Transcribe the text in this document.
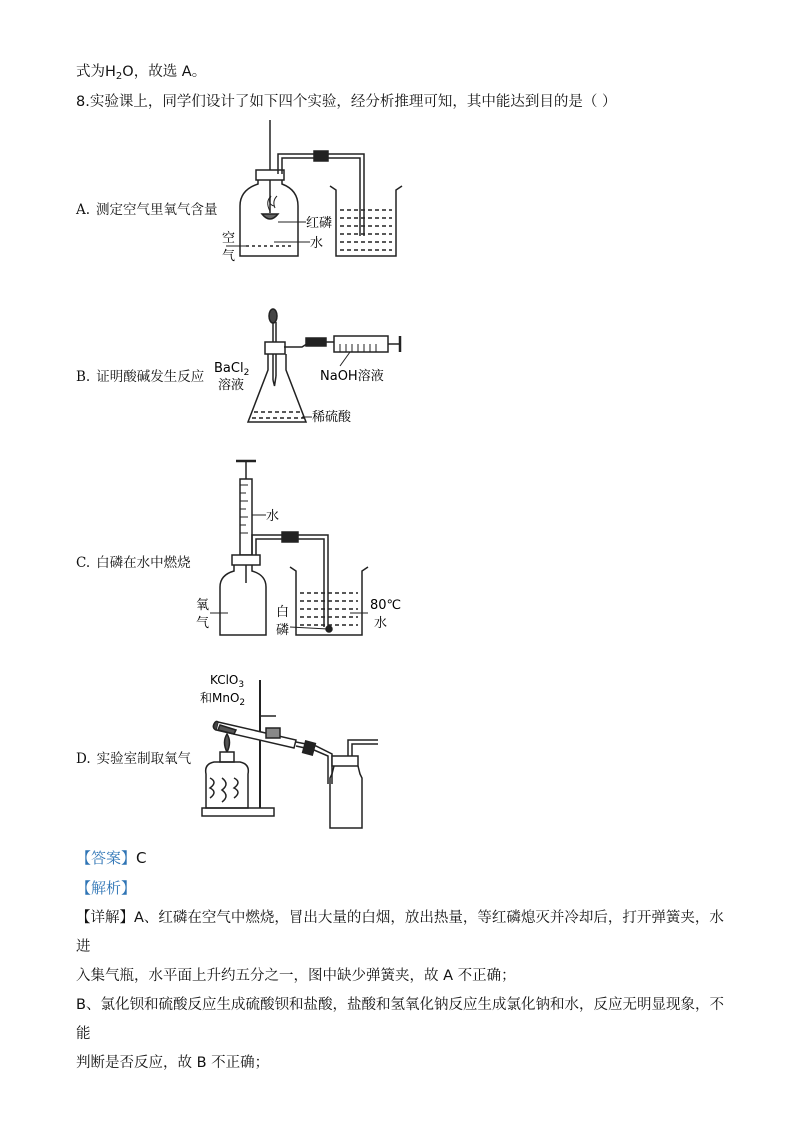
式为$H_2O$，故选 A。
8.实验课上，同学们设计了如下四个实验，经分析推理可知，其中能达到目的是（ ）
A. 测定空气里氧气含量
红磷
水
空
气
B. 证明酸碱发生反应
BaCl$_2$
溶液
NaOH溶液
稀硫酸
C. 白磷在水中燃烧
水
氧
气
白
磷
80℃
水
D. 实验室制取氧气
KClO$_3$
和MnO$_2$
【答案】C
【解析】
【详解】A、红磷在空气中燃烧，冒出大量的白烟，放出热量，等红磷熄灭并冷却后，打开弹簧夹，水进
入集气瓶，水平面上升约五分之一，图中缺少弹簧夹，故 A 不正确；
B、氯化钡和硫酸反应生成硫酸钡和盐酸，盐酸和氢氧化钠反应生成氯化钠和水，反应无明显现象，不能
判断是否反应，故 B 不正确；
